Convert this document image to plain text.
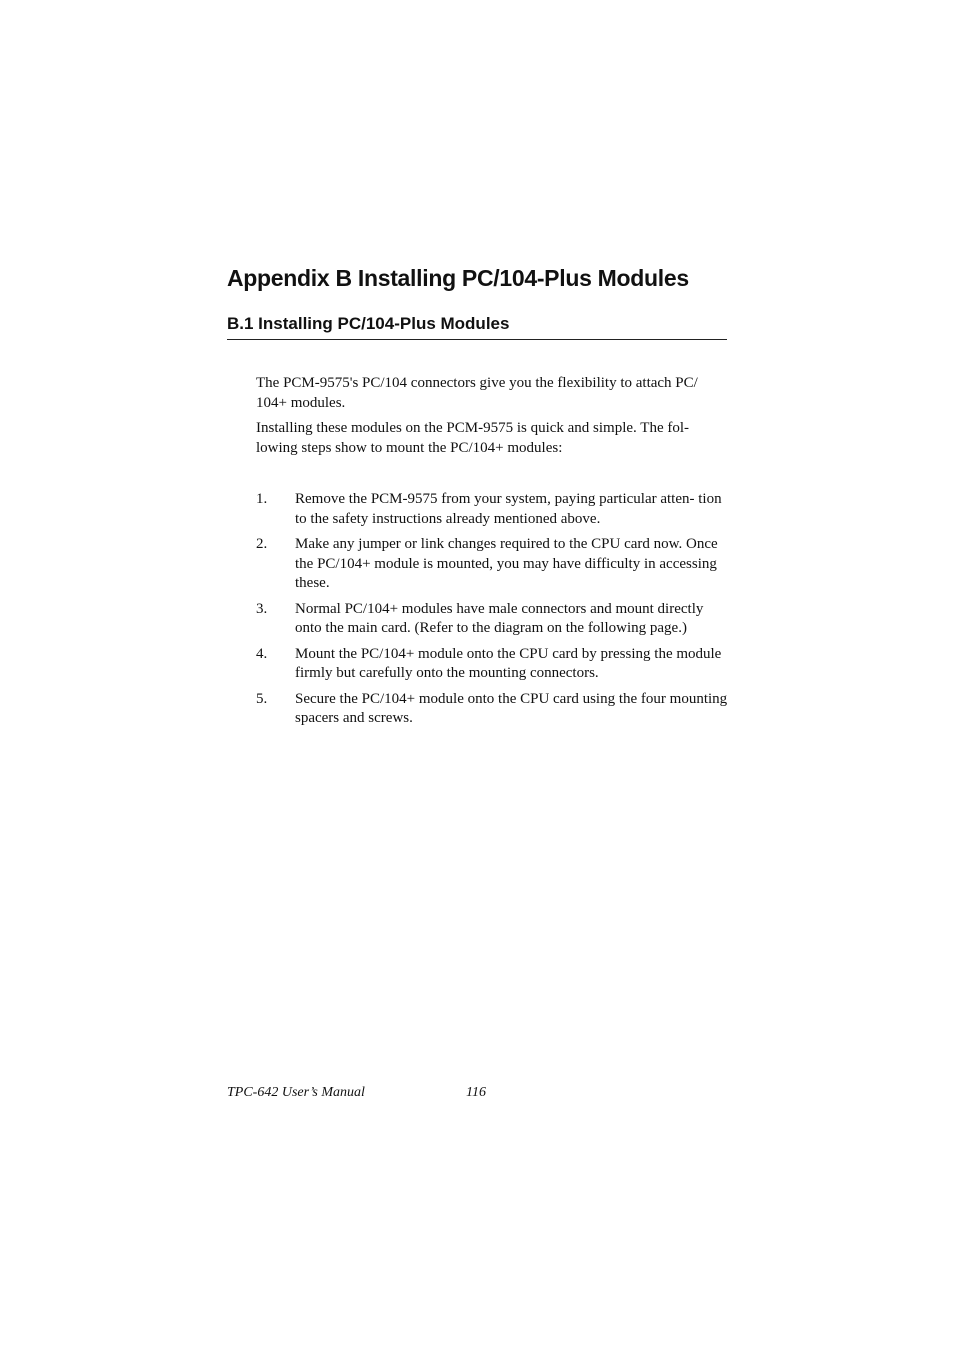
Appendix B Installing PC/104-Plus Modules
B.1 Installing PC/104-Plus Modules

The PCM-9575's PC/104 connectors give you the flexibility to attach PC/ 104+ modules.

Installing these modules on the PCM-9575 is quick and simple. The fol- lowing steps show to mount the PC/104+ modules:

1. Remove the PCM-9575 from your system, paying particular atten- tion to the safety instructions already mentioned above.
2. Make any jumper or link changes required to the CPU card now. Once the PC/104+ module is mounted, you may have difficulty in accessing these.
3. Normal PC/104+ modules have male connectors and mount directly onto the main card. (Refer to the diagram on the following page.)
4. Mount the PC/104+ module onto the CPU card by pressing the module firmly but carefully onto the mounting connectors.
5. Secure the PC/104+ module onto the CPU card using the four mounting spacers and screws.
TPC-642 User’s Manual	116
